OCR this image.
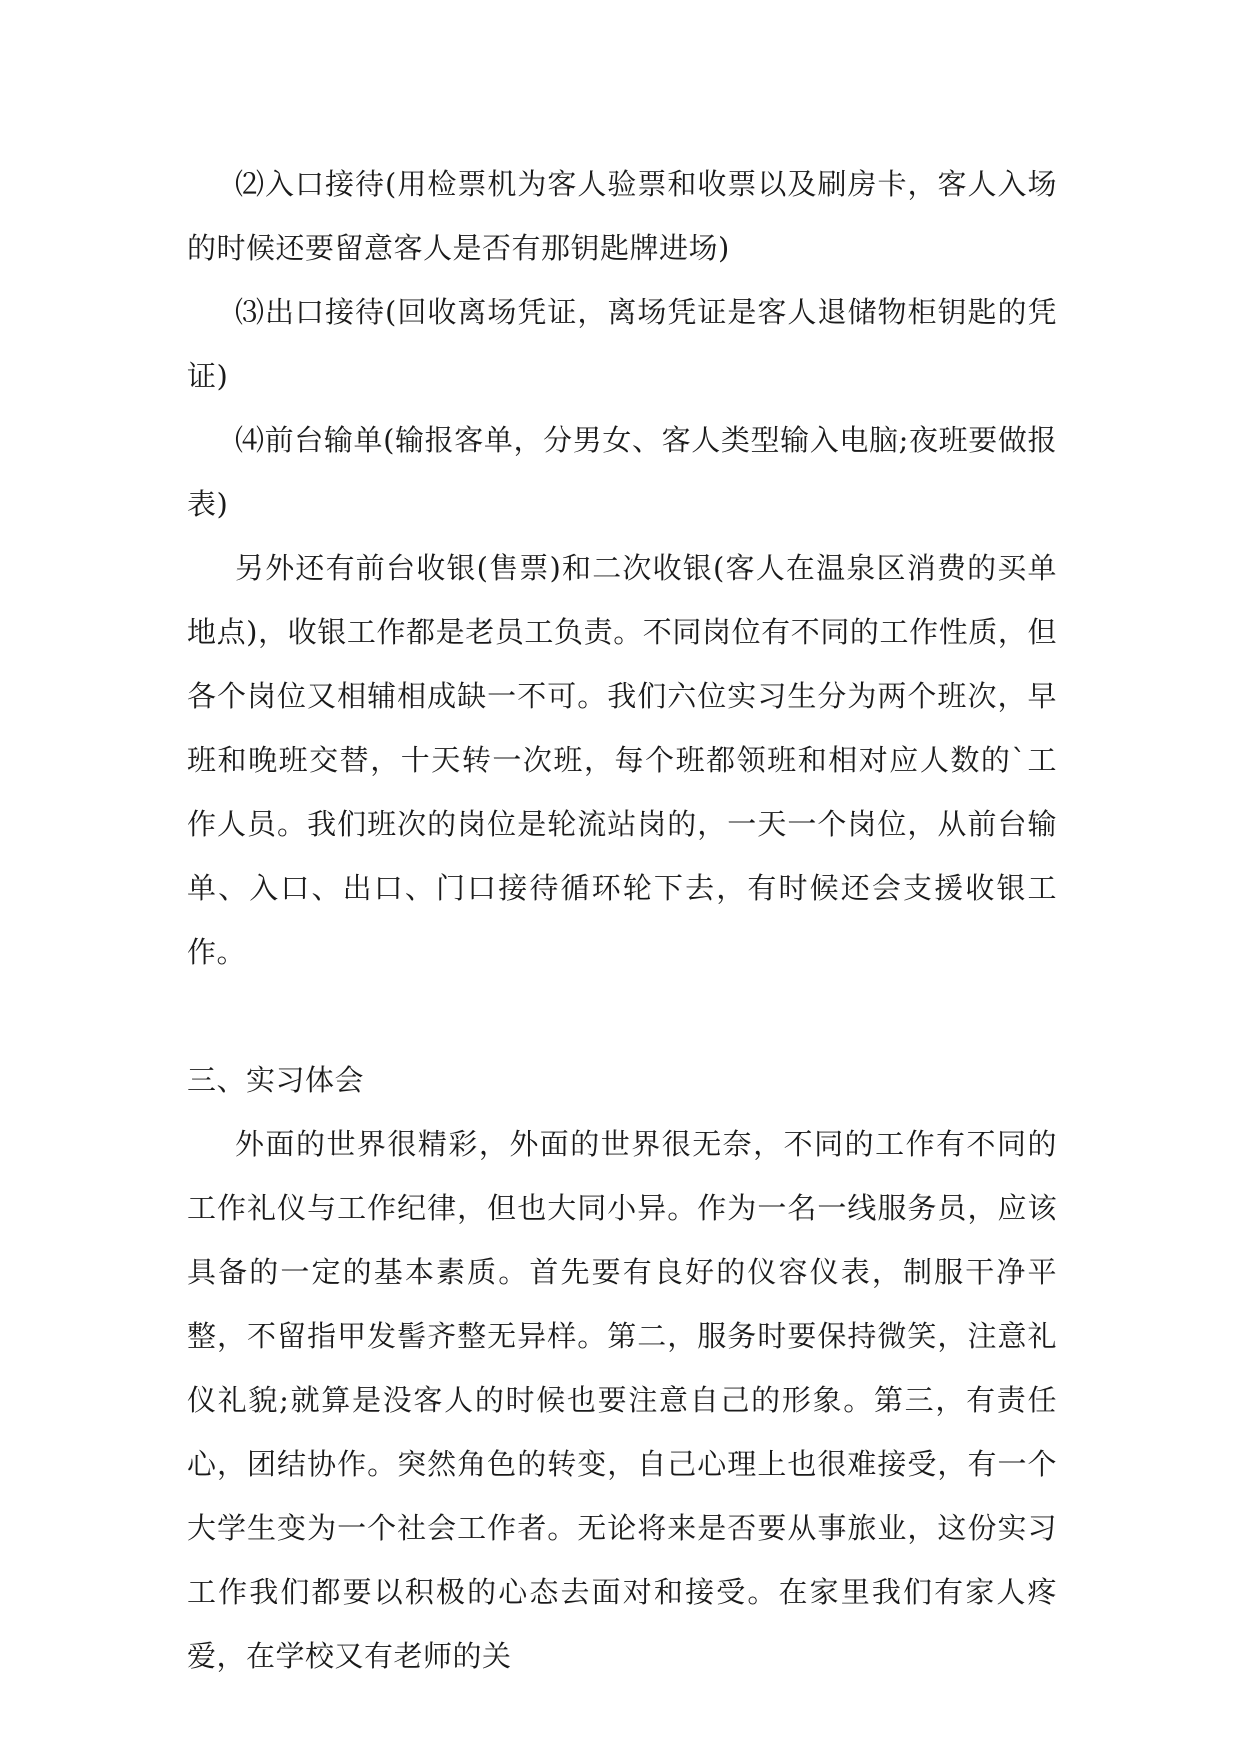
⑵入口接待(用检票机为客人验票和收票以及刷房卡，客人入场的时候还要留意客人是否有那钥匙牌进场)

⑶出口接待(回收离场凭证，离场凭证是客人退储物柜钥匙的凭证)

⑷前台输单(输报客单，分男女、客人类型输入电脑;夜班要做报表)

另外还有前台收银(售票)和二次收银(客人在温泉区消费的买单地点)，收银工作都是老员工负责。不同岗位有不同的工作性质，但各个岗位又相辅相成缺一不可。我们六位实习生分为两个班次，早班和晚班交替，十天转一次班，每个班都领班和相对应人数的`工作人员。我们班次的岗位是轮流站岗的，一天一个岗位，从前台输单、入口、出口、门口接待循环轮下去，有时候还会支援收银工作。

三、实习体会

外面的世界很精彩，外面的世界很无奈，不同的工作有不同的工作礼仪与工作纪律，但也大同小异。作为一名一线服务员，应该具备的一定的基本素质。首先要有良好的仪容仪表，制服干净平整，不留指甲发髻齐整无异样。第二，服务时要保持微笑，注意礼仪礼貌;就算是没客人的时候也要注意自己的形象。第三，有责任心，团结协作。突然角色的转变，自己心理上也很难接受，有一个大学生变为一个社会工作者。无论将来是否要从事旅业，这份实习工作我们都要以积极的心态去面对和接受。在家里我们有家人疼爱，在学校又有老师的关
